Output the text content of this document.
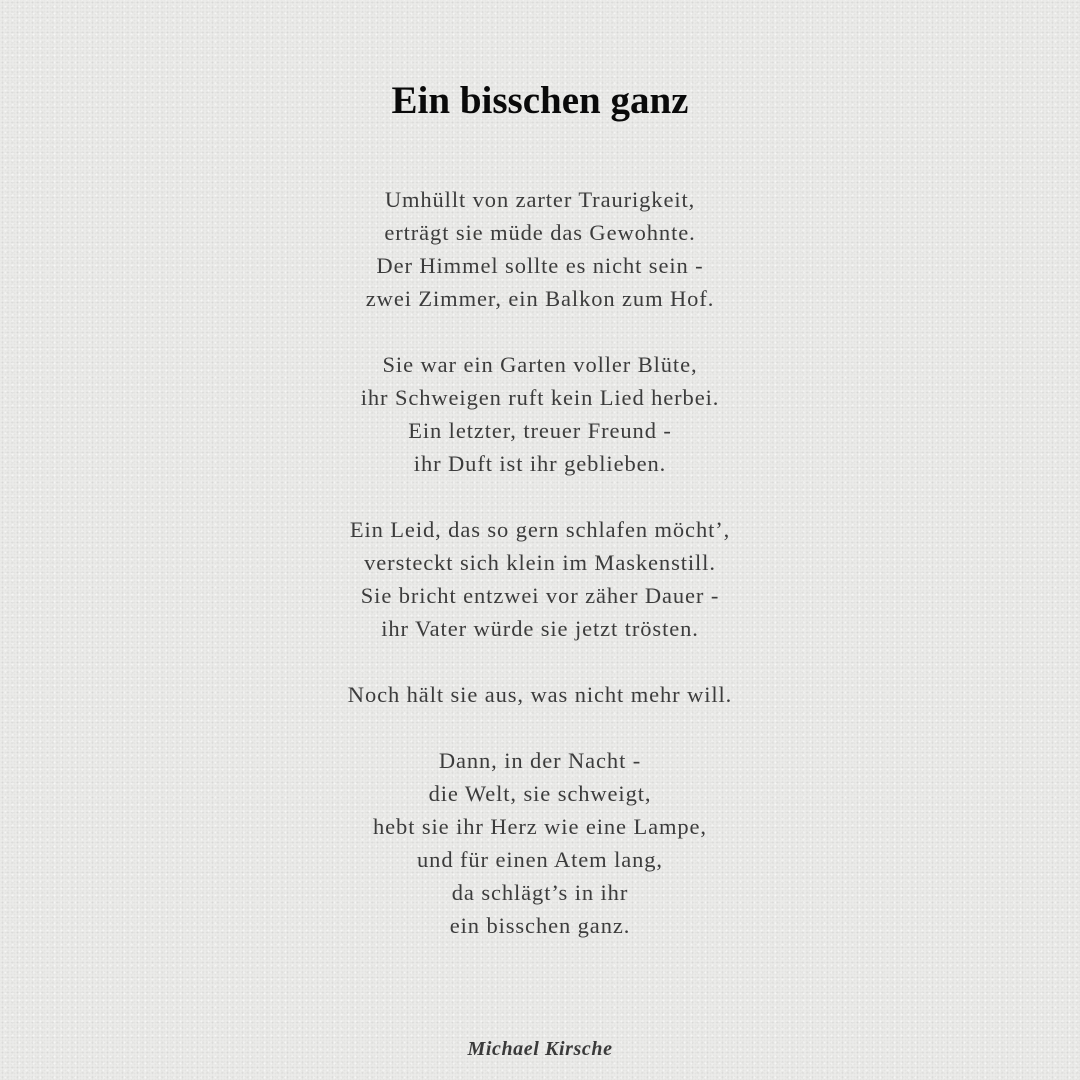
Ein bisschen ganz
Umhüllt von zarter Traurigkeit,
erträgt sie müde das Gewohnte.
Der Himmel sollte es nicht sein -
zwei Zimmer, ein Balkon zum Hof.
Sie war ein Garten voller Blüte,
ihr Schweigen ruft kein Lied herbei.
Ein letzter, treuer Freund -
ihr Duft ist ihr geblieben.
Ein Leid, das so gern schlafen möcht’,
versteckt sich klein im Maskenstill.
Sie bricht entzwei vor zäher Dauer -
ihr Vater würde sie jetzt trösten.
Noch hält sie aus, was nicht mehr will.
Dann, in der Nacht -
die Welt, sie schweigt,
hebt sie ihr Herz wie eine Lampe,
und für einen Atem lang,
da schlägt’s in ihr
ein bisschen ganz.
Michael Kirsche
